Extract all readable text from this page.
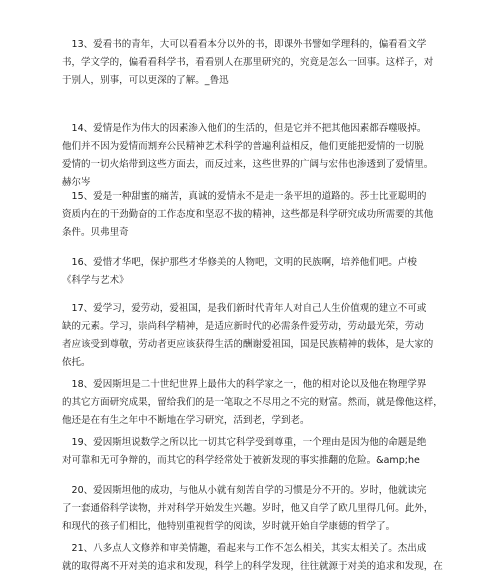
　13、爱看书的青年，大可以看看本分以外的书，即课外书譬如学理科的，偏看看文学
书，学文学的，偏看看科学书，看看别人在那里研究的，究竟是怎么一回事。这样子，对
于别人，别事，可以更深的了解。_鲁迅
　14、爱情是作为伟大的因素渗入他们的生活的，但是它并不把其他因素都吞噬吸掉。
他们并不因为爱情而割弃公民精神艺术科学的普遍利益相反，他们更能把爱情的一切脱
爱情的一切火焰带到这些方面去，而反过来，这些世界的广阔与宏伟也渗透到了爱情里。
赫尔岑
　15、爱是一种甜蜜的痛苦，真诚的爱情永不是走一条平坦的道路的。莎士比亚聪明的
资质内在的干劲勤奋的工作态度和坚忍不拔的精神，这些都是科学研究成功所需要的其他
条件。贝弗里奇
　16、爱惜才华吧，保护那些才华修美的人物吧，文明的民族啊，培养他们吧。卢梭
《科学与艺术》
　17、爱学习，爱劳动，爱祖国，是我们新时代青年人对自己人生价值观的建立不可或
缺的元素。学习，崇尚科学精神，是适应新时代的必需条件爱劳动，劳动最光荣，劳动
者应该受到尊敬，劳动者更应该获得生活的酬谢爱祖国，国是民族精神的载体，是大家的
依托。
　18、爱因斯坦是二十世纪世界上最伟大的科学家之一，他的相对论以及他在物理学界
的其它方面研究成果，留给我们的是一笔取之不尽用之不完的财富。然而，就是像他这样，
他还是在有生之年中不断地在学习研究，活到老，学到老。
　19、爱因斯坦说数学之所以比一切其它科学受到尊重，一个理由是因为他的命题是绝
对可靠和无可争辩的，而其它的科学经常处于被新发现的事实推翻的危险。&amp;he
　20、爱因斯坦他的成功，与他从小就有刻苦自学的习惯是分不开的。岁时，他就读完
了一套通俗科学读物，并对科学开始发生兴趣。岁时，他又自学了欧几里得几何。此外，
和现代的孩子们相比，他特别重视哲学的阅读，岁时就开始自学康德的哲学了。
　21、八多点人文修养和审美情趣，看起来与工作不怎么相关，其实太相关了。杰出成
就的取得离不开对美的追求和发现，科学上的科学发现，往往就源于对美的追求和发现，在
